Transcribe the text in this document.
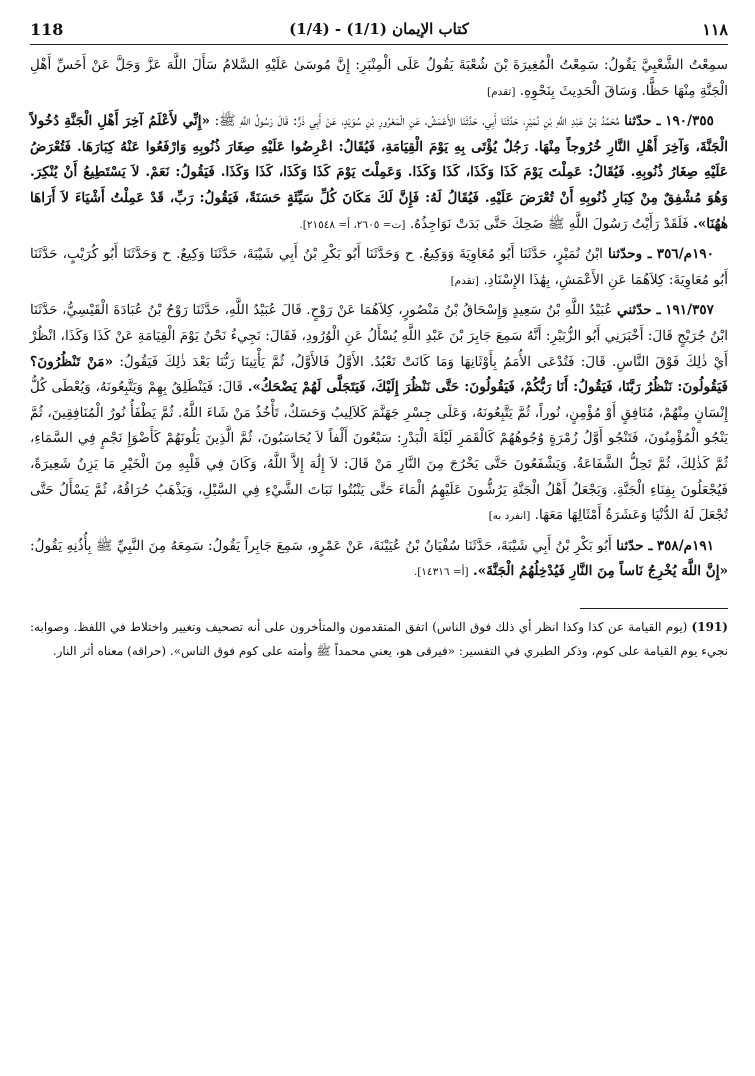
118	(1/4) - كتاب الإيمان (1/1)	١١٨

سمِعْتُ الشَّعْبِيَّ يَقُولُ: سَمِعْتُ الْمُغِيرَةَ بْنَ شُعْبَةَ يَقُولُ عَلَى الْمِنْبَرِ: إِنَّ مُوسَىٰ عَلَيْهِ السَّلامُ سَأَلَ اللَّهَ عَزَّ وَجَلَّ عَنْ أَخَسِّ أَهْلِ الْجَنَّةِ مِنْهَا حَظًّا. وَسَاقَ الْحَدِيثَ بِنَحْوِهِ. [تقدم]

١٩٠/٣٥٥ ـ حدّثنا مُحَمَّدُ بْنُ عَبْدِ اللَّهِ بْنِ نُمَيْرٍ، حَدَّثَنَا أَبِي، حَدَّثَنَا الأَعْمَشُ، عَنِ الْمَعْرُورِ بْنِ سُوَيْدٍ، عَنْ أَبِي ذَرٍّ: قَالَ رَسُولُ اللَّهِ ﷺ: «إِنِّي لأَعْلَمُ آخِرَ أَهْلِ الْجَنَّةِ دُخُولاً الْجَنَّةَ، وَآخِرَ أَهْلِ النَّارِ خُرُوجاً مِنْهَا. رَجُلٌ يُؤْتَى بِهِ يَوْمَ الْقِيَامَةِ، فَيُقَالُ: اعْرِضُوا عَلَيْهِ صِغَارَ ذُنُوبِهِ وَارْفَعُوا عَنْهُ كِبَارَهَا. فَتُعْرَضُ عَلَيْهِ صِغَارُ ذُنُوبِهِ. فَيُقَالُ: عَمِلْتَ يَوْمَ كَذَا وَكَذَا، كَذَا وَكَذَا. وَعَمِلْتَ يَوْمَ كَذَا وَكَذَا، كَذَا وَكَذَا. فَيَقُولُ: نَعَمْ. لاَ يَسْتَطِيعُ أَنْ يُنْكِرَ. وَهُوَ مُشْفِقٌ مِنْ كِبَارِ ذُنُوبِهِ أَنْ تُعْرَضَ عَلَيْهِ. فَيُقَالُ لَهُ: فَإِنَّ لَكَ مَكَانَ كُلِّ سَيِّئَةٍ حَسَنَةً، فَيَقُولُ: رَبِّ، قَدْ عَمِلْتُ أَشْيَاءَ لاَ أَرَاهَا هٰهُنَا». فَلَقَدْ رَأَيْتُ رَسُولَ اللَّهِ ﷺ ضَحِكَ حَتَّى بَدَتْ نَوَاجِذُهُ. [ت= ٢٦٠٥، أ= ٢١٥٤٨].

١٩٠م/٣٥٦ ـ وحدّثنا ابْنُ نُمَيْرٍ، حَدَّثَنَا أَبُو مُعَاوِيَةَ وَوَكِيعٌ. ح وَحَدَّثَنَا أَبُو بَكْرِ بْنُ أَبِي شَيْبَةَ، حَدَّثَنَا وَكِيعٌ. ح وَحَدَّثَنَا أَبُو كُرَيْبٍ، حَدَّثَنَا أَبُو مُعَاوِيَةَ: كِلاَهُمَا عَنِ الأَعْمَشِ، بِهَٰذَا الإِسْنَادِ. [تقدم]

١٩١/٣٥٧ ـ حدّثني عُبَيْدُ اللَّهِ بْنُ سَعِيدٍ وَإِسْحَاقُ بْنُ مَنْصُورٍ، كِلاَهُمَا عَنْ رَوْحٍ. قَالَ عُبَيْدُ اللَّهِ، حَدَّثَنَا رَوْحُ بْنُ عُبَادَةَ الْقَيْسِيُّ، حَدَّثَنَا ابْنُ جُرَيْجٍ قَالَ: أَخْبَرَنِي أَبُو الزُّبَيْرِ: أَنَّهُ سَمِعَ جَابِرَ بْنَ عَبْدِ اللَّهِ يُسْأَلُ عَنِ الْوُرُودِ، فَقَالَ: نَجِيءُ نَحْنُ يَوْمَ الْقِيَامَةِ عَنْ كَذَا وَكَذَا، انْظُرْ أَيْ ذٰلِكَ فَوْقَ النَّاسِ. قَالَ: فَتُدْعَى الأُمَمُ بِأَوْثَانِهَا وَمَا كَانَتْ تَعْبُدُ. الأَوَّلُ فَالأَوَّلُ، ثُمَّ يَأْتِينَا رَبُّنَا بَعْدَ ذٰلِكَ فَيَقُولُ: «مَنْ تَنْظُرُونَ؟ فَيَقُولُونَ: نَنْظُرُ رَبَّنَا، فَيَقُولُ: أَنَا رَبُّكُمْ، فَيَقُولُونَ: حَتَّى نَنْظُرَ إِلَيْكَ، فَيَتَجَلَّى لَهُمْ يَضْحَكُ». قَالَ: فَيَنْطَلِقُ بِهِمْ وَيَتَّبِعُونَهُ، وَيُعْطَى كُلُّ إِنْسَانٍ مِنْهُمْ، مُنَافِقٍ أَوْ مُؤْمِنٍ، نُوراً، ثُمَّ يَتَّبِعُونَهُ، وَعَلَى جِسْرِ جَهَنَّمَ كَلاَلِيبُ وَحَسَكٌ، تَأْخُذُ مَنْ شَاءَ اللَّهُ. ثُمَّ يَطْفَأُ نُورُ الْمُنَافِقِينَ، ثُمَّ يَنْجُو الْمُؤْمِنُونَ، فَتَنْجُو أَوَّلُ زُمْرَةٍ وُجُوهُهُمْ كَالْقَمَرِ لَيْلَةَ الْبَدْرِ: سَبْعُونَ أَلْفاً لاَ يُحَاسَبُونَ، ثُمَّ الَّذِينَ يَلُونَهُمْ كَأَضْوَإِ نَجْمٍ فِي السَّمَاءِ، ثُمَّ كَذٰلِكَ، ثُمَّ تَحِلُّ الشَّفَاعَةُ. وَيَشْفَعُونَ حَتَّى يَخْرُجَ مِنَ النَّارِ مَنْ قَالَ: لاَ إِلَٰهَ إِلاَّ اللَّهُ، وَكَانَ فِي قَلْبِهِ مِنَ الْخَيْرِ مَا يَزِنُ شَعِيرَةً، فَيُجْعَلُونَ بِفِنَاءِ الْجَنَّةِ. وَيَجْعَلُ أَهْلُ الْجَنَّةِ يَرُشُّونَ عَلَيْهِمُ الْمَاءَ حَتَّى يَنْبُتُوا نَبَاتَ الشَّيْءِ فِي السَّيْلِ، وَيَذْهَبُ حُرَاقُهُ، ثُمَّ يَسْأَلُ حَتَّى تُجْعَلَ لَهُ الدُّنْيَا وَعَشَرَةُ أَمْثَالِهَا مَعَهَا. [انفرد به]

١٩١م/٣٥٨ ـ حدّثنا أَبُو بَكْرِ بْنُ أَبِي شَيْبَةَ، حَدَّثَنَا سُفْيَانُ بْنُ عُيَيْنَةَ، عَنْ عَمْرٍو، سَمِعَ جَابِراً يَقُولُ: سَمِعَهُ مِنَ النَّبِيِّ ﷺ بِأُذُنِهِ يَقُولُ: «إِنَّ اللَّهَ يُخْرِجُ نَاساً مِنَ النَّارِ فَيُدْخِلُهُمُ الْجَنَّةَ». [أ= ١٤٣١٦].

(191) (يوم القيامة عن كذا وكذا انظر أي ذلك فوق الناس) اتفق المتقدمون والمتأخرون على أنه تصحيف وتغيير واختلاط في اللفظ. وصوابه: نجيء يوم القيامة على كوم، وذكر الطبري في التفسير: «فيرقى هو، يعني محمداً ﷺ وأمته على كوم فوق الناس». (حراقه) معناه أثر النار.
